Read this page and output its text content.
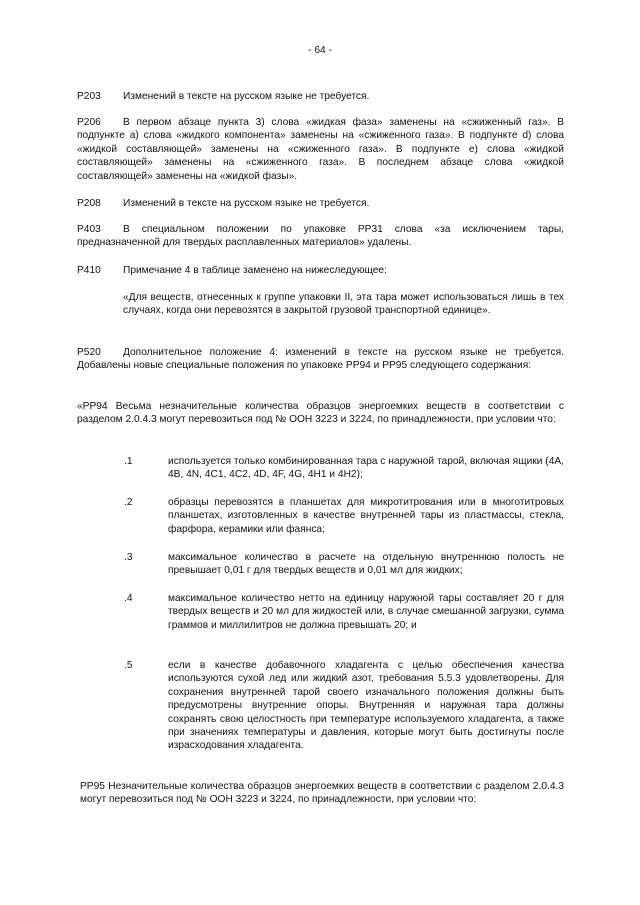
- 64 -
P203 Изменений в тексте на русском языке не требуется.

P206 В первом абзаце пункта 3) слова «жидкая фаза» заменены на «сжиженный газ». В подпункте a) слова «жидкого компонента» заменены на «сжиженного газа». В подпункте d) слова «жидкой составляющей» заменены на «сжиженного газа». В подпункте e) слова «жидкой составляющей» заменены на «сжиженного газа». В последнем абзаце слова «жидкой составляющей» заменены на «жидкой фазы».

P208 Изменений в тексте на русском языке не требуется.

P403 В специальном положении по упаковке PP31 слова «за исключением тары, предназначенной для твердых расплавленных материалов» удалены.

P410 Примечание 4 в таблице заменено на нижеследующее:

«Для веществ, отнесенных к группе упаковки II, эта тара может использоваться лишь в тех случаях, когда они перевозятся в закрытой грузовой транспортной единице».

P520 Дополнительное положение 4: изменений в тексте на русском языке не требуется. Добавлены новые специальные положения по упаковке PP94 и PP95 следующего содержания:

«PP94 Весьма незначительные количества образцов энергоемких веществ в соответствии с разделом 2.0.4.3 могут перевозиться под № ООН 3223 и 3224, по принадлежности, при условии что:

.1	используется только комбинированная тара с наружной тарой, включая ящики (4A, 4B, 4N, 4C1, 4C2, 4D, 4F, 4G, 4H1 и 4H2);

.2	образцы перевозятся в планшетах для микротитрования или в многотитровых планшетах, изготовленных в качестве внутренней тары из пластмассы, стекла, фарфора, керамики или фаянса;

.3	максимальное количество в расчете на отдельную внутреннюю полость не превышает 0,01 г для твердых веществ и 0,01 мл для жидких;

.4	максимальное количество нетто на единицу наружной тары составляет 20 г для твердых веществ и 20 мл для жидкостей или, в случае смешанной загрузки, сумма граммов и миллилитров не должна превышать 20; и

.5	если в качестве добавочного хладагента с целью обеспечения качества используются сухой лед или жидкий азот, требования 5.5.3 удовлетворены. Для сохранения внутренней тарой своего изначального положения должны быть предусмотрены внутренние опоры. Внутренняя и наружная тара должны сохранять свою целостность при температуре используемого хладагента, а также при значениях температуры и давления, которые могут быть достигнуты после израсходования хладагента.

PP95 Незначительные количества образцов энергоемких веществ в соответствии с разделом 2.0.4.3 могут перевозиться под № ООН 3223 и 3224, по принадлежности, при условии что:
